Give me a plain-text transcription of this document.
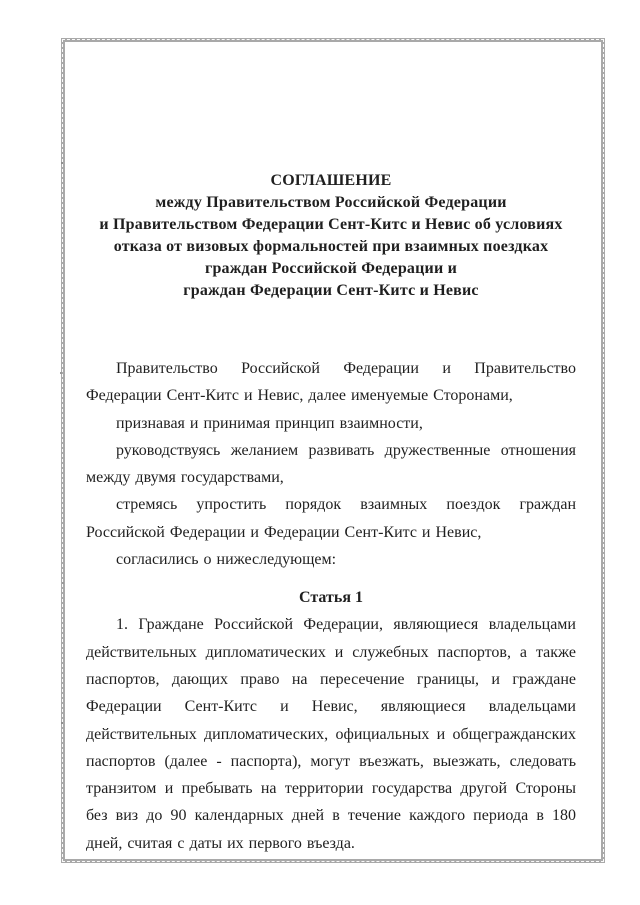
СОГЛАШЕНИЕ
между Правительством Российской Федерации
и Правительством Федерации Сент-Китс и Невис об условиях
отказа от визовых формальностей при взаимных поездках
граждан Российской Федерации и
граждан Федерации Сент-Китс и Невис

Правительство Российской Федерации и Правительство Федерации Сент-Китс и Невис, далее именуемые Сторонами,

признавая и принимая принцип взаимности,

руководствуясь желанием развивать дружественные отношения между двумя государствами,

стремясь упростить порядок взаимных поездок граждан Российской Федерации и Федерации Сент-Китс и Невис,

согласились о нижеследующем:

Статья 1

1. Граждане Российской Федерации, являющиеся владельцами действительных дипломатических и служебных паспортов, а также паспортов, дающих право на пересечение границы, и граждане Федерации Сент-Китс и Невис, являющиеся владельцами действительных дипломатических, официальных и общегражданских паспортов (далее - паспорта), могут въезжать, выезжать, следовать транзитом и пребывать на территории государства другой Стороны без виз до 90 календарных дней в течение каждого периода в 180 дней, считая с даты их первого въезда.
